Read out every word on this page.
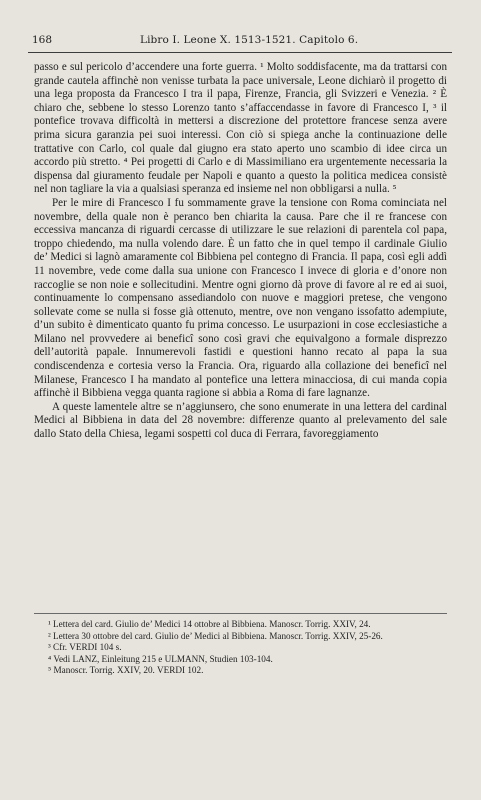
168	Libro I. Leone X. 1513-1521. Capitolo 6.

passo e sul pericolo d’accendere una forte guerra. ¹ Molto soddisfacente, ma da trattarsi con grande cautela affinchè non venisse turbata la pace universale, Leone dichiarò il progetto di una lega proposta da Francesco I tra il papa, Firenze, Francia, gli Svizzeri e Venezia. ² È chiaro che, sebbene lo stesso Lorenzo tanto s’affaccendasse in favore di Francesco I, ³ il pontefice trovava difficoltà in mettersi a discrezione del protettore francese senza avere prima sicura garanzia pei suoi interessi. Con ciò si spiega anche la continuazione delle trattative con Carlo, col quale dal giugno era stato aperto uno scambio di idee circa un accordo più stretto. ⁴ Pei progetti di Carlo e di Massimiliano era urgentemente necessaria la dispensa dal giuramento feudale per Napoli e quanto a questo la politica medicea consistè nel non tagliare la via a qualsiasi speranza ed insieme nel non obbligarsi a nulla. ⁵

Per le mire di Francesco I fu sommamente grave la tensione con Roma cominciata nel novembre, della quale non è peranco ben chiarita la causa. Pare che il re francese con eccessiva mancanza di riguardi cercasse di utilizzare le sue relazioni di parentela col papa, troppo chiedendo, ma nulla volendo dare. È un fatto che in quel tempo il cardinale Giulio de’ Medici si lagnò amaramente col Bibbiena pel contegno di Francia. Il papa, così egli addì 11 novembre, vede come dalla sua unione con Francesco I invece di gloria e d’onore non raccoglie se non noie e sollecitudini. Mentre ogni giorno dà prove di favore al re ed ai suoi, continuamente lo compensano assediandolo con nuove e maggiori pretese, che vengono sollevate come se nulla si fosse già ottenuto, mentre, ove non vengano issofatto adempiute, d’un subito è dimenticato quanto fu prima concesso. Le usurpazioni in cose ecclesiastiche a Milano nel provvedere ai beneficî sono così gravi che equivalgono a formale disprezzo dell’autorità papale. Innumerevoli fastidi e questioni hanno recato al papa la sua condiscendenza e cortesia verso la Francia. Ora, riguardo alla collazione dei beneficî nel Milanese, Francesco I ha mandato al pontefice una lettera minacciosa, di cui manda copia affinchè il Bibbiena vegga quanta ragione si abbia a Roma di fare lagnanze.

A queste lamentele altre se n’aggiunsero, che sono enumerate in una lettera del cardinal Medici al Bibbiena in data del 28 novembre: differenze quanto al prelevamento del sale dallo Stato della Chiesa, legami sospetti col duca di Ferrara, favoreggiamento

¹ Lettera del card. Giulio de’ Medici 14 ottobre al Bibbiena. Manoscr. Torrig. XXIV, 24.
² Lettera 30 ottobre del card. Giulio de’ Medici al Bibbiena. Manoscr. Torrig. XXIV, 25-26.
³ Cfr. VERDI 104 s.
⁴ Vedi LANZ, Einleitung 215 e ULMANN, Studien 103-104.
⁵ Manoscr. Torrig. XXIV, 20. VERDI 102.
